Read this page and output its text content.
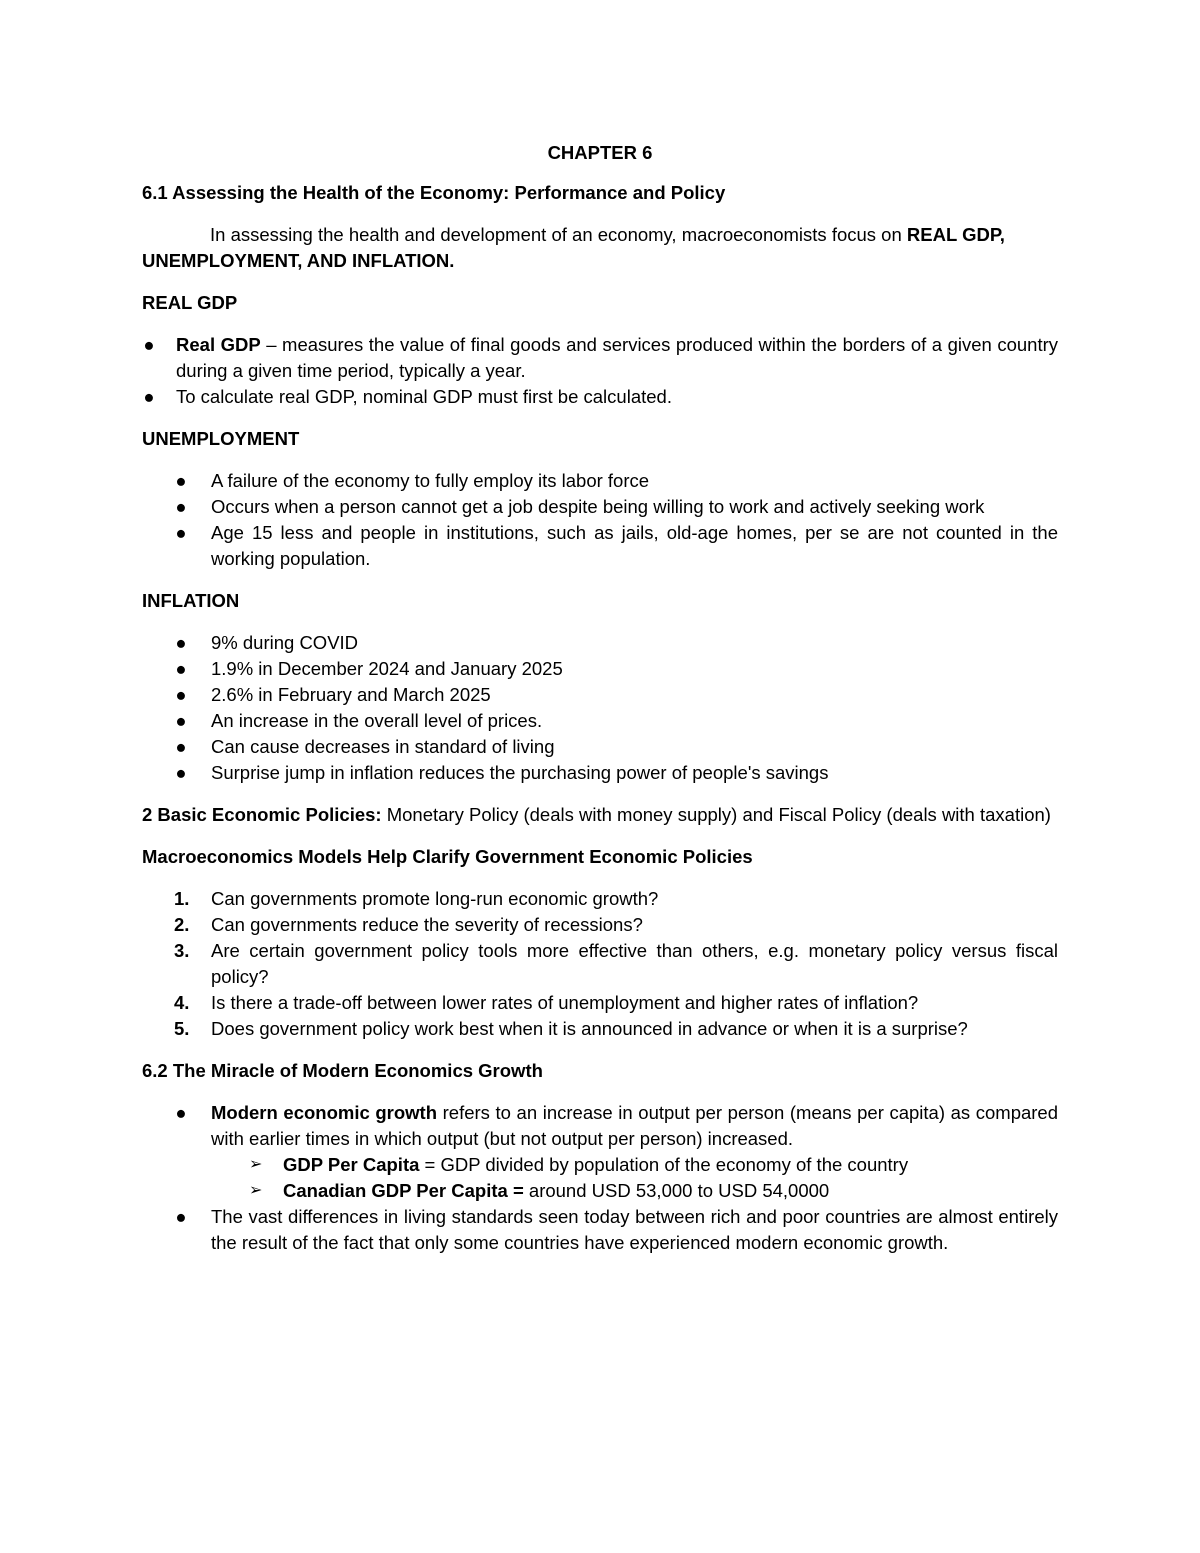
CHAPTER 6
6.1 Assessing the Health of the Economy: Performance and Policy

In assessing the health and development of an economy, macroeconomists focus on REAL GDP, UNEMPLOYMENT, AND INFLATION.

REAL GDP
● Real GDP – measures the value of final goods and services produced within the borders of a given country during a given time period, typically a year.
● To calculate real GDP, nominal GDP must first be calculated.
UNEMPLOYMENT
● A failure of the economy to fully employ its labor force
● Occurs when a person cannot get a job despite being willing to work and actively seeking work
● Age 15 less and people in institutions, such as jails, old-age homes, per se are not counted in the working population.
INFLATION
● 9% during COVID
● 1.9% in December 2024 and January 2025
● 2.6% in February and March 2025
● An increase in the overall level of prices.
● Can cause decreases in standard of living
● Surprise jump in inflation reduces the purchasing power of people's savings

2 Basic Economic Policies: Monetary Policy (deals with money supply) and Fiscal Policy (deals with taxation)

Macroeconomics Models Help Clarify Government Economic Policies
1.	Can governments promote long-run economic growth?
2.	Can governments reduce the severity of recessions?
3.	Are certain government policy tools more effective than others, e.g. monetary policy versus fiscal policy?
4.	Is there a trade-off between lower rates of unemployment and higher rates of inflation?
5.	Does government policy work best when it is announced in advance or when it is a surprise?
6.2 The Miracle of Modern Economics Growth
● Modern economic growth refers to an increase in output per person (means per capita) as compared with earlier times in which output (but not output per person) increased.
➢ GDP Per Capita = GDP divided by population of the economy of the country
➢ Canadian GDP Per Capita = around USD 53,000 to USD 54,0000
● The vast differences in living standards seen today between rich and poor countries are almost entirely the result of the fact that only some countries have experienced modern economic growth.
